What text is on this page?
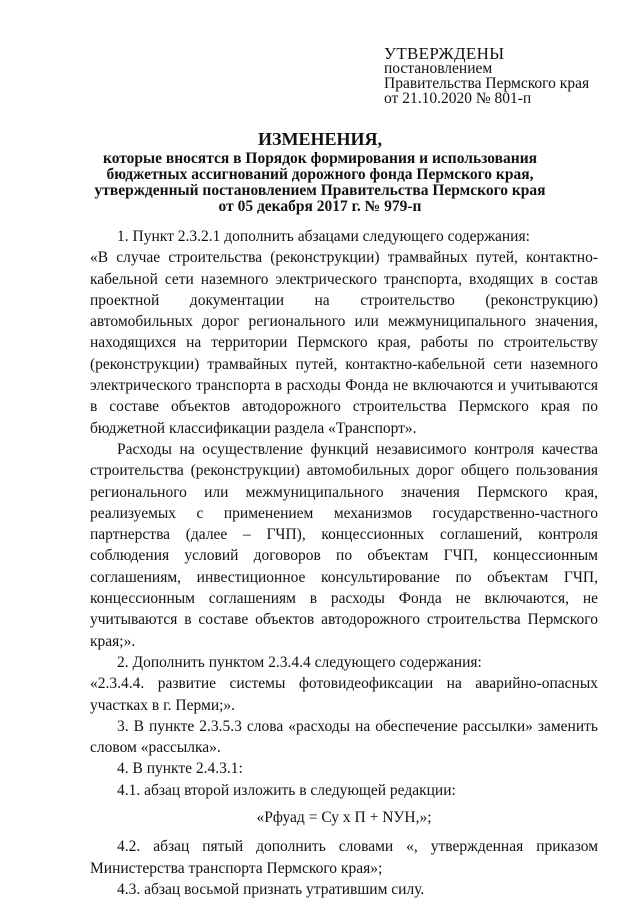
УТВЕРЖДЕНЫ
постановлением
Правительства Пермского края
от 21.10.2020 № 801-п
ИЗМЕНЕНИЯ,
которые вносятся в Порядок формирования и использования
бюджетных ассигнований дорожного фонда Пермского края,
утвержденный постановлением Правительства Пермского края
от 05 декабря 2017 г. № 979-п

1. Пункт 2.3.2.1 дополнить абзацами следующего содержания:

«В случае строительства (реконструкции) трамвайных путей, контактно-кабельной сети наземного электрического транспорта, входящих в состав проектной документации на строительство (реконструкцию) автомобильных дорог регионального или межмуниципального значения, находящихся на территории Пермского края, работы по строительству (реконструкции) трамвайных путей, контактно-кабельной сети наземного электрического транспорта в расходы Фонда не включаются и учитываются в составе объектов автодорожного строительства Пермского края по бюджетной классификации раздела «Транспорт».

Расходы на осуществление функций независимого контроля качества строительства (реконструкции) автомобильных дорог общего пользования регионального или межмуниципального значения Пермского края, реализуемых с применением механизмов государственно-частного партнерства (далее – ГЧП), концессионных соглашений, контроля соблюдения условий договоров по объектам ГЧП, концессионным соглашениям, инвестиционное консультирование по объектам ГЧП, концессионным соглашениям в расходы Фонда не включаются, не учитываются в составе объектов автодорожного строительства Пермского края;».

2. Дополнить пунктом 2.3.4.4 следующего содержания:

«2.3.4.4. развитие системы фотовидеофиксации на аварийно-опасных участках в г. Перми;».

3. В пункте 2.3.5.3 слова «расходы на обеспечение рассылки» заменить словом «рассылка».

4. В пункте 2.4.3.1:

4.1. абзац второй изложить в следующей редакции:

«Рфуад = Су х П + NУН,»;

4.2. абзац пятый дополнить словами «, утвержденная приказом Министерства транспорта Пермского края»;

4.3. абзац восьмой признать утратившим силу.
